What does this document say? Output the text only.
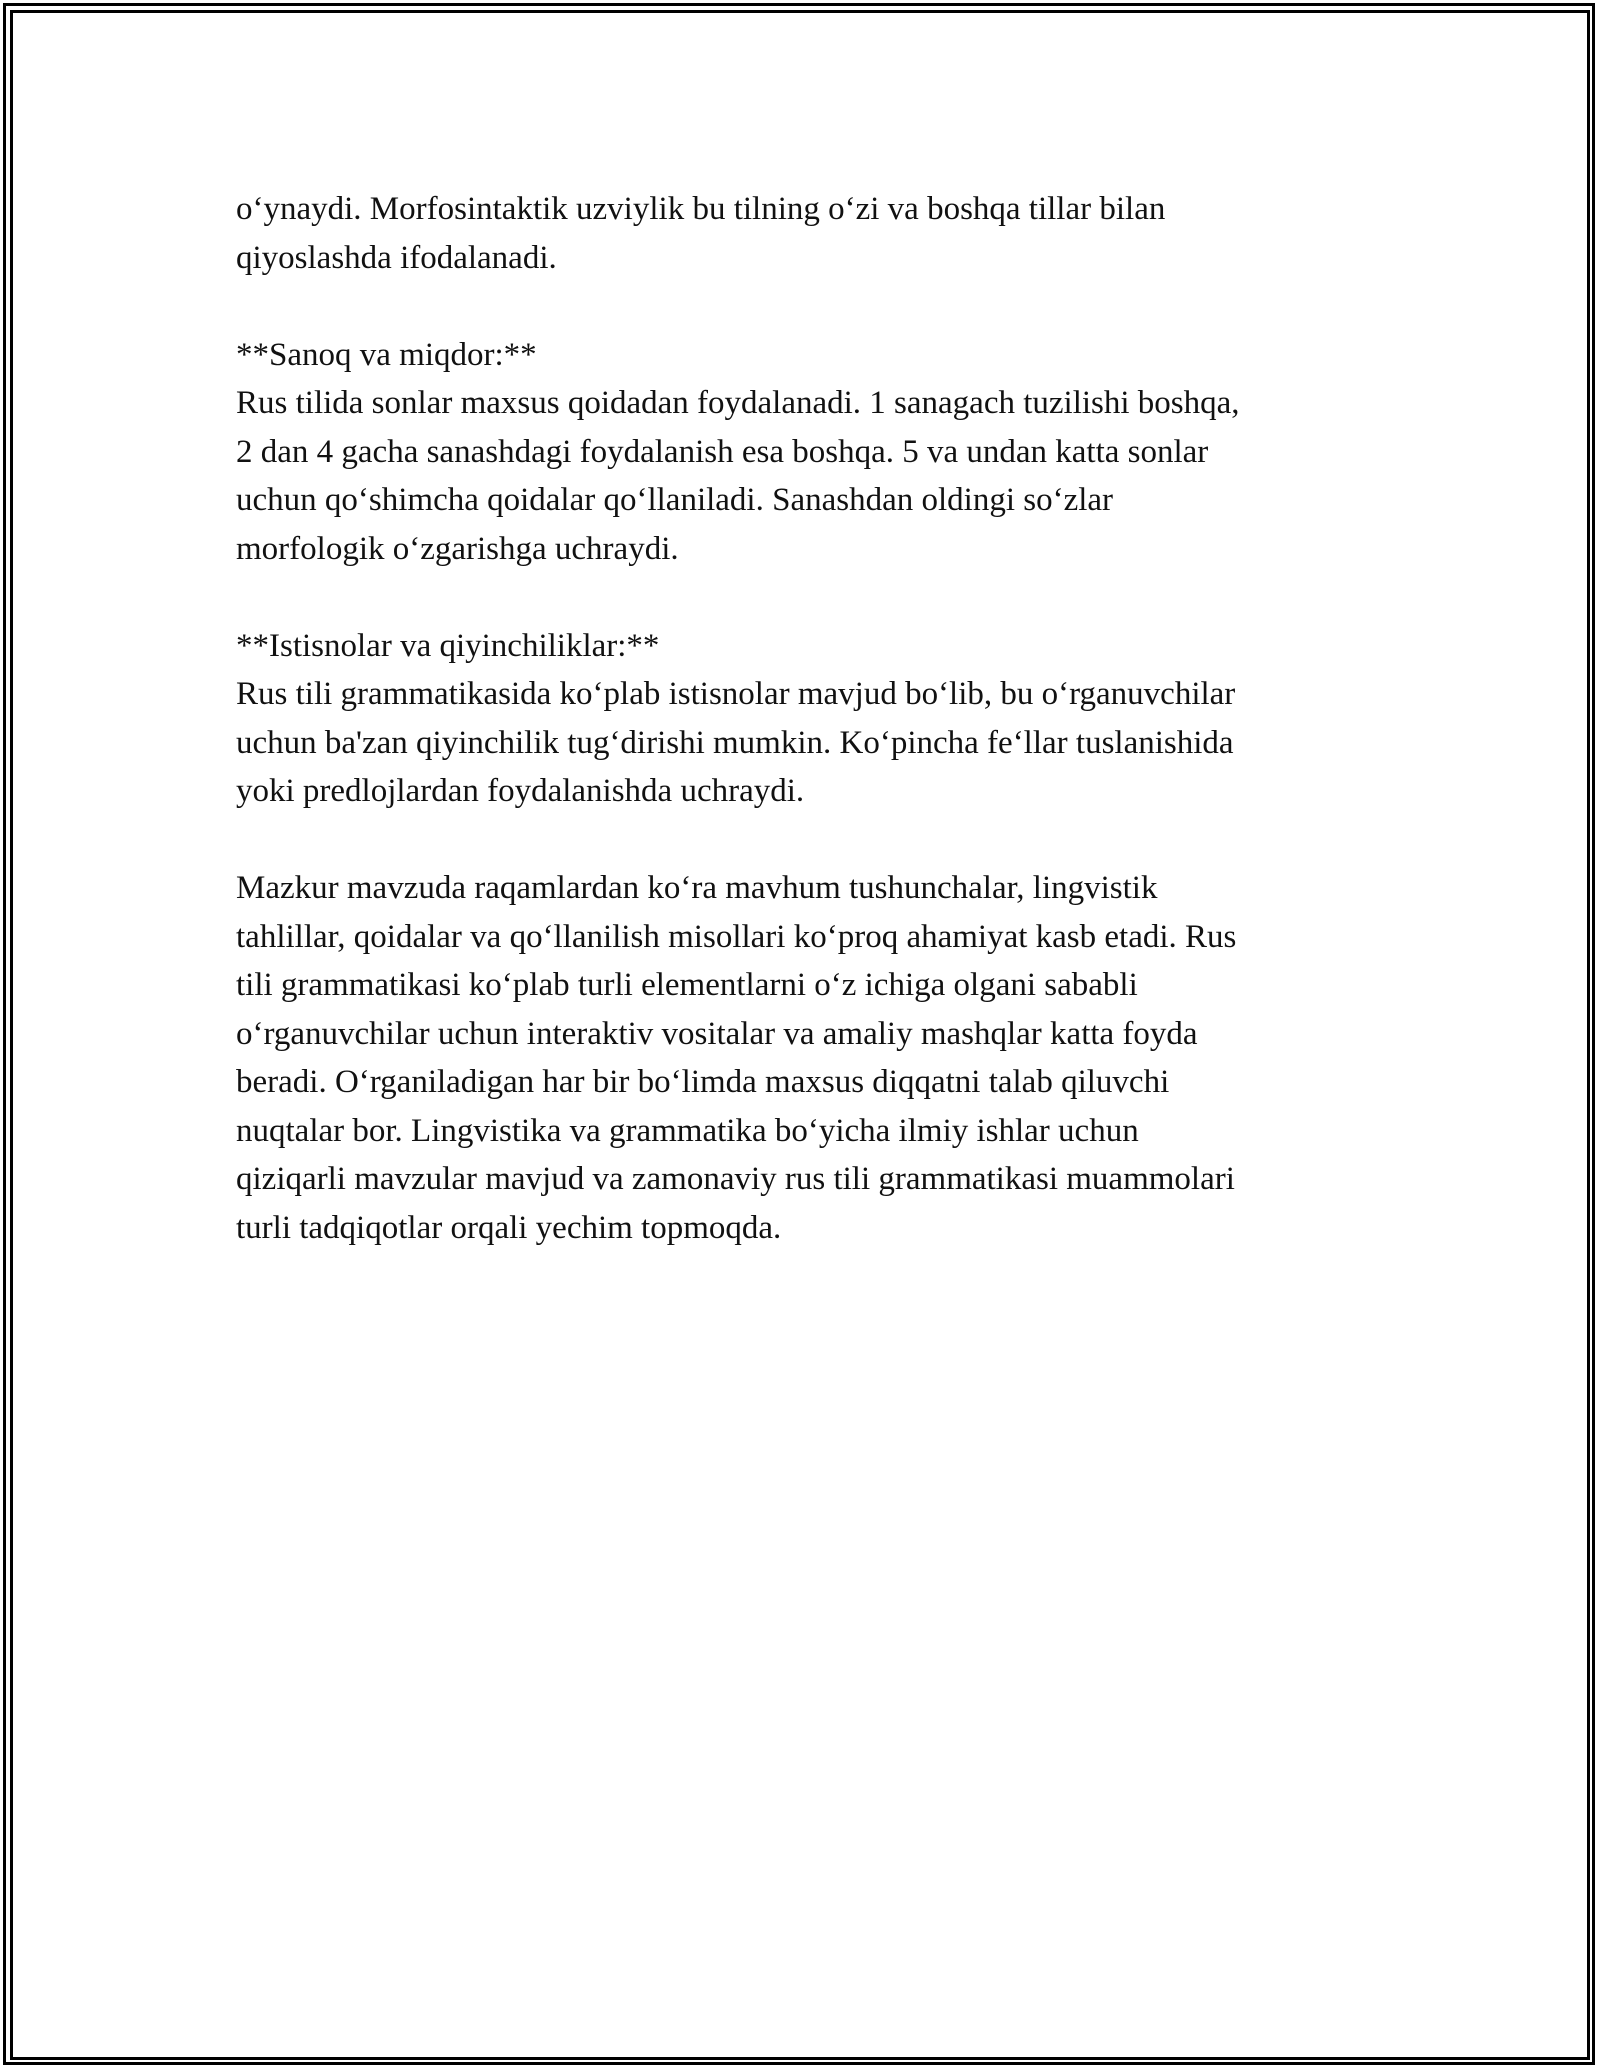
o‘ynaydi. Morfosintaktik uzviylik bu tilning o‘zi va boshqa tillar bilan
qiyoslashda ifodalanadi.
**Sanoq va miqdor:**
Rus tilida sonlar maxsus qoidadan foydalanadi. 1 sanagach tuzilishi boshqa,
2 dan 4 gacha sanashdagi foydalanish esa boshqa. 5 va undan katta sonlar
uchun qo‘shimcha qoidalar qo‘llaniladi. Sanashdan oldingi so‘zlar
morfologik o‘zgarishga uchraydi.
**Istisnolar va qiyinchiliklar:**
Rus tili grammatikasida ko‘plab istisnolar mavjud bo‘lib, bu o‘rganuvchilar
uchun ba'zan qiyinchilik tug‘dirishi mumkin. Ko‘pincha fe‘llar tuslanishida
yoki predlojlardan foydalanishda uchraydi.
Mazkur mavzuda raqamlardan ko‘ra mavhum tushunchalar, lingvistik
tahlillar, qoidalar va qo‘llanilish misollari ko‘proq ahamiyat kasb etadi. Rus
tili grammatikasi ko‘plab turli elementlarni o‘z ichiga olgani sababli
o‘rganuvchilar uchun interaktiv vositalar va amaliy mashqlar katta foyda
beradi. O‘rganiladigan har bir bo‘limda maxsus diqqatni talab qiluvchi
nuqtalar bor. Lingvistika va grammatika bo‘yicha ilmiy ishlar uchun
qiziqarli mavzular mavjud va zamonaviy rus tili grammatikasi muammolari
turli tadqiqotlar orqali yechim topmoqda.
